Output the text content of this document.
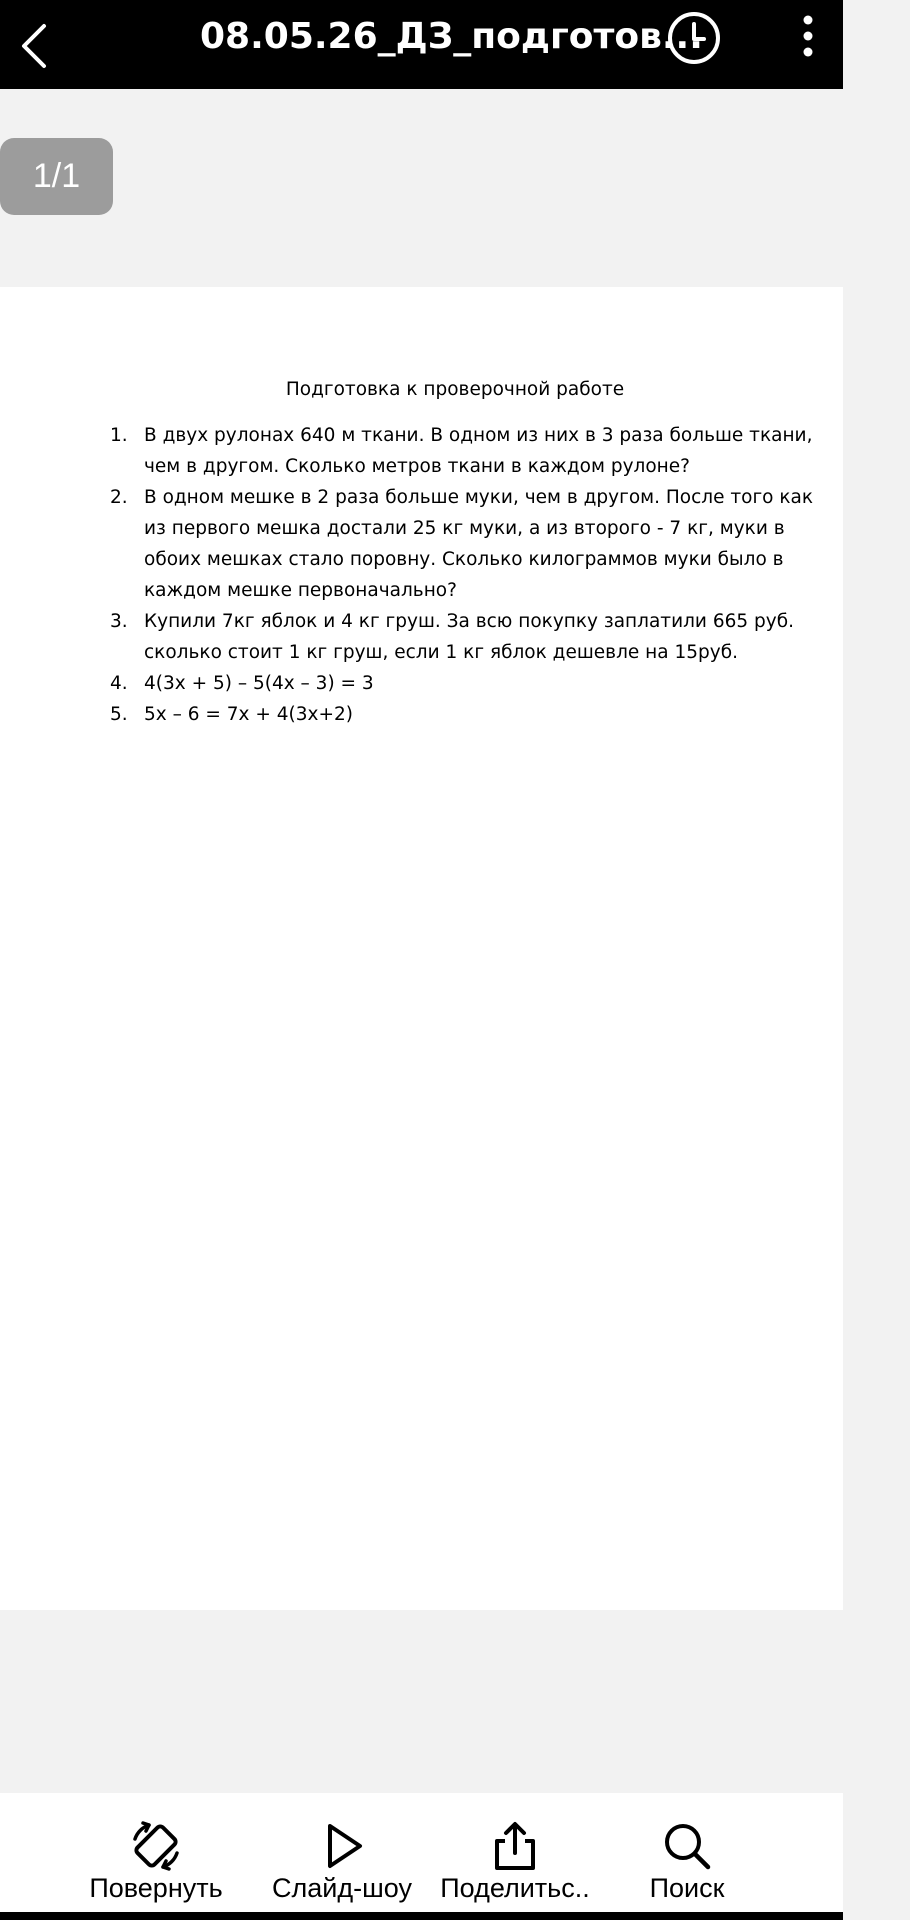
08.05.26_ДЗ_подготов...
1/1
Подготовка к проверочной работе
1. В двух рулонах 640 м ткани. В одном из них в 3 раза больше ткани, чем в другом. Сколько метров ткани в каждом рулоне?
2. В одном мешке в 2 раза больше муки, чем в другом. После того как из первого мешка достали 25 кг муки, а из второго - 7 кг, муки в обоих мешках стало поровну. Сколько килограммов муки было в каждом мешке первоначально?
3. Купили 7кг яблок и 4 кг груш. За всю покупку заплатили 665 руб. сколько стоит 1 кг груш, если 1 кг яблок дешевле на 15руб.
4. 4(3x + 5) – 5(4x – 3) = 3
5. 5x – 6 = 7x + 4(3x+2)
Повернуть	Слайд-шоу	Поделитьс..	Поиск
